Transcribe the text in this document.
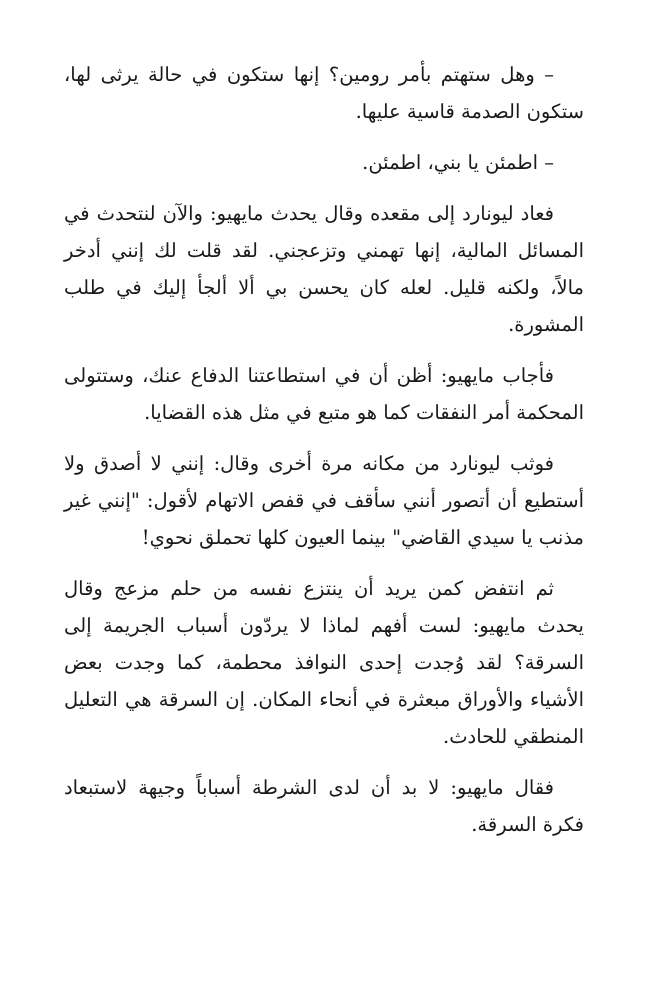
– وهل ستهتم بأمر رومين؟ إنها ستكون في حالة يرثى لها، ستكون الصدمة قاسية عليها.

– اطمئن يا بني، اطمئن.

فعاد ليونارد إلى مقعده وقال يحدث مايهيو: والآن لنتحدث في المسائل المالية، إنها تهمني وتزعجني. لقد قلت لك إنني أدخر مالاً، ولكنه قليل. لعله كان يحسن بي ألا ألجأ إليك في طلب المشورة.

فأجاب مايهيو: أظن أن في استطاعتنا الدفاع عنك، وستتولى المحكمة أمر النفقات كما هو متبع في مثل هذه القضايا.

فوثب ليونارد من مكانه مرة أخرى وقال: إنني لا أصدق ولا أستطيع أن أتصور أنني سأقف في قفص الاتهام لأقول: "إنني غير مذنب يا سيدي القاضي" بينما العيون كلها تحملق نحوي!

ثم انتفض كمن يريد أن ينتزع نفسه من حلم مزعج وقال يحدث مايهيو: لست أفهم لماذا لا يردّون أسباب الجريمة إلى السرقة؟ لقد وُجدت إحدى النوافذ محطمة، كما وجدت بعض الأشياء والأوراق مبعثرة في أنحاء المكان. إن السرقة هي التعليل المنطقي للحادث.

فقال مايهيو: لا بد أن لدى الشرطة أسباباً وجيهة لاستبعاد فكرة السرقة.
